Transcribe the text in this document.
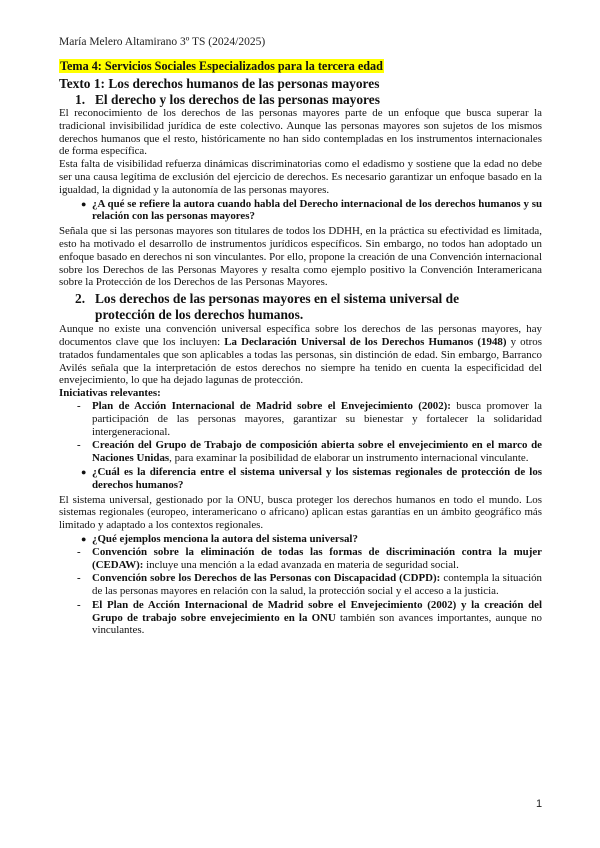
María Melero Altamirano 3º TS (2024/2025)
Tema 4: Servicios Sociales Especializados para la tercera edad
Texto 1: Los derechos humanos de las personas mayores
1. El derecho y los derechos de las personas mayores

El reconocimiento de los derechos de las personas mayores parte de un enfoque que busca superar la tradicional invisibilidad jurídica de este colectivo. Aunque las personas mayores son sujetos de los mismos derechos humanos que el resto, históricamente no han sido contempladas en los instrumentos internacionales de forma específica.

Esta falta de visibilidad refuerza dinámicas discriminatorias como el edadismo y sostiene que la edad no debe ser una causa legítima de exclusión del ejercicio de derechos. Es necesario garantizar un enfoque basado en la igualdad, la dignidad y la autonomía de las personas mayores.

● ¿A qué se refiere la autora cuando habla del Derecho internacional de los derechos humanos y su relación con las personas mayores?

Señala que si las personas mayores son titulares de todos los DDHH, en la práctica su efectividad es limitada, esto ha motivado el desarrollo de instrumentos jurídicos específicos. Sin embargo, no todos han adoptado un enfoque basado en derechos ni son vinculantes. Por ello, propone la creación de una Convención internacional sobre los Derechos de las Personas Mayores y resalta como ejemplo positivo la Convención Interamericana sobre la Protección de los Derechos de las Personas Mayores.

2. Los derechos de las personas mayores en el sistema universal de
protección de los derechos humanos.

Aunque no existe una convención universal específica sobre los derechos de las personas mayores, hay documentos clave que los incluyen: La Declaración Universal de los Derechos Humanos (1948) y otros tratados fundamentales que son aplicables a todas las personas, sin distinción de edad. Sin embargo, Barranco Avilés señala que la interpretación de estos derechos no siempre ha tenido en cuenta la especificidad del envejecimiento, lo que ha dejado lagunas de protección.

Iniciativas relevantes:
- Plan de Acción Internacional de Madrid sobre el Envejecimiento (2002): busca promover la participación de las personas mayores, garantizar su bienestar y fortalecer la solidaridad intergeneracional.
- Creación del Grupo de Trabajo de composición abierta sobre el envejecimiento en el marco de Naciones Unidas, para examinar la posibilidad de elaborar un instrumento internacional vinculante.
● ¿Cuál es la diferencia entre el sistema universal y los sistemas regionales de protección de los derechos humanos?

El sistema universal, gestionado por la ONU, busca proteger los derechos humanos en todo el mundo. Los sistemas regionales (europeo, interamericano o africano) aplican estas garantías en un ámbito geográfico más limitado y adaptado a los contextos regionales.

● ¿Qué ejemplos menciona la autora del sistema universal?
- Convención sobre la eliminación de todas las formas de discriminación contra la mujer (CEDAW): incluye una mención a la edad avanzada en materia de seguridad social.
- Convención sobre los Derechos de las Personas con Discapacidad (CDPD): contempla la situación de las personas mayores en relación con la salud, la protección social y el acceso a la justicia.
- El Plan de Acción Internacional de Madrid sobre el Envejecimiento (2002) y la creación del Grupo de trabajo sobre envejecimiento en la ONU también son avances importantes, aunque no vinculantes.
1
